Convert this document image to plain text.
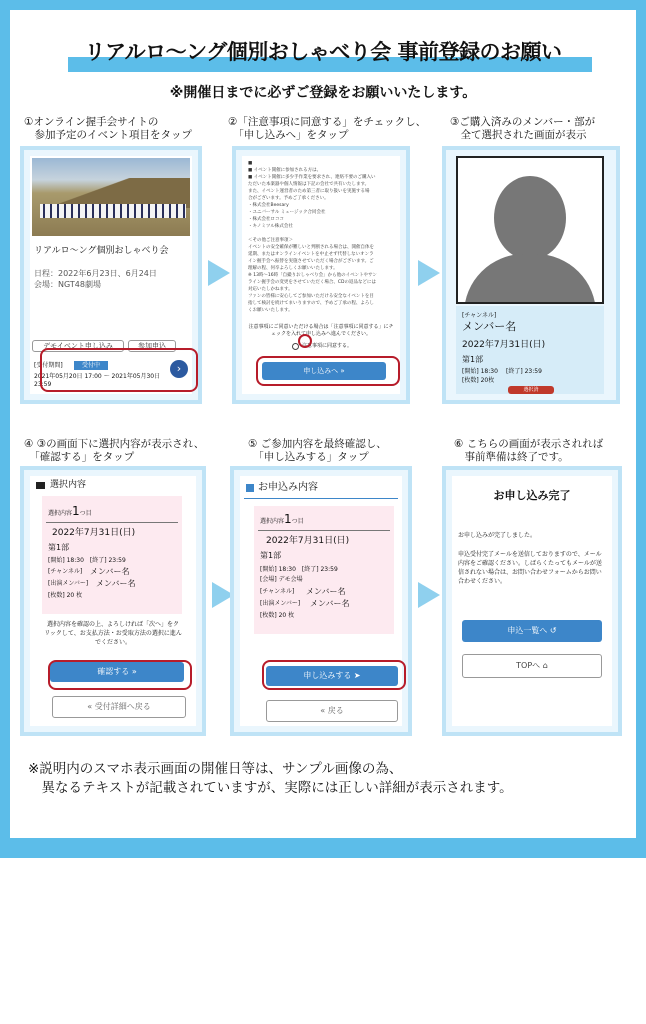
リアルロ～ング個別おしゃべり会 事前登録のお願い
※開催日までに必ずご登録をお願いいたします。
①オンライン握手会サイトの
　参加予定のイベント項目をタップ
②「注意事項に同意する」をチェックし、
　「申し込みへ」をタップ
③ご購入済みのメンバー・部が
　全て選択された画面が表示
④ ③の画面下に選択内容が表示され、
　「確認する」をタップ
⑤ ご参加内容を最終確認し、
　「申し込みする」タップ
⑥ こちらの画面が表示されれば
　事前準備は終了です。
リアルロ～ング個別おしゃべり会
日程：2022年6月23日、6月24日
会場：NGT48劇場
デモイベント申し込み	参加申込
[受付期間]	受付中
2021年05月20日 17:00 ～ 2021年05月30日 23:59
›
■
■ イベント開催に参加される方は、
■ イベント開催に多少手作業を要求され、連絡不要のご購入い
ただいた本楽器や個人情報は下記の会社で共有いたします。
また、イベント運営者のため第三者に取り扱いを実施する場
合がございます。予めご了承ください。
・株式会社Beesary
・ユニバーサル ミュージック合同会社
・株式会社ロココ
・キノミツル株式会社
＜その他ご注意事項＞
イベントの安全確保が難しいと判断される場合は、開催自体を
延期、またはオンラインイベントを中止せず代替しないオンラ
イン握手会へ振替を実施させていただく場合がございます。ご
理解の程、何卒よろしくお願いいたします。
※ 13時～16時「自撮りおしゃべり会」から他のイベントやサン
ライン握手会の変更をさせていただく場合、CDの返品などには
対応いたしかねます。
ファンの皆様に安心してご参加いただける安全なイベントを目
指して検討を続けてまいりますので、予めご了承の程、よろし
くお願いいたします。
注意事項にご同意いただける場合は「注意事項に同意する」にチェックを入れて申し込みへ進んでください。
注意事項に同意する。
申し込みへ »
[チャンネル]
メンバー名
2022年7月31日(日)
第1部
[開始] 18:30 [終了] 23:59
[枚数] 20枚
選択済
選択内容
選択内容1つ目
2022年7月31日(日)
第1部
[開始] 18:30　[終了] 23:59
[チャンネル] メンバー名
[出演メンバー] メンバー名
[枚数] 20 枚
選択内容を確認の上、よろしければ「次へ」をクリックして、お支払方法・お受取方法の選択に進んでください。
確認する »
« 受付詳細へ戻る
お申込み内容
選択内容1つ目
2022年7月31日(日)
第1部
[開始] 18:30　[終了] 23:59
[会場] デモ会場
[チャンネル] メンバー名
[出演メンバー] メンバー名
[枚数] 20 枚
申し込みする ➤
« 戻る
お申し込み完了
お申し込みが完了しました。
申込受付完了メールを送信しておりますので、メール内容をご確認ください。しばらくたってもメールが送信されない場合は、お問い合わせフォームからお問い合わせください。
申込一覧へ ↺
TOPへ ⌂
※説明内のスマホ表示画面の開催日等は、サンプル画像の為、
　異なるテキストが記載されていますが、実際には正しい詳細が表示されます。
